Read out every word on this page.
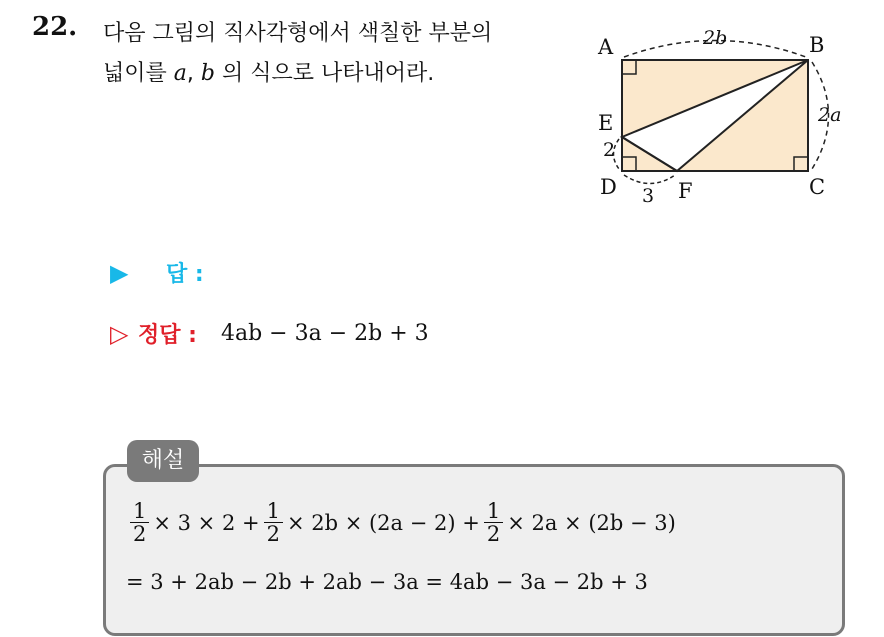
22. 다음 그림의 직사각형에서 색칠한 부분의
넓이를 a, b 의 식으로 나타내어라.
A	B
C
D
E
F
2b
2a
2
3
▶	답 :
▷ 정답 : 4ab − 3a − 2b + 3
해설
$\frac{1}{2} \times 3 \times 2 + \frac{1}{2} \times 2b \times (2a - 2) + \frac{1}{2} \times 2a \times (2b - 3)$
= 3 + 2ab − 2b + 2ab − 3a = 4ab − 3a − 2b + 3
